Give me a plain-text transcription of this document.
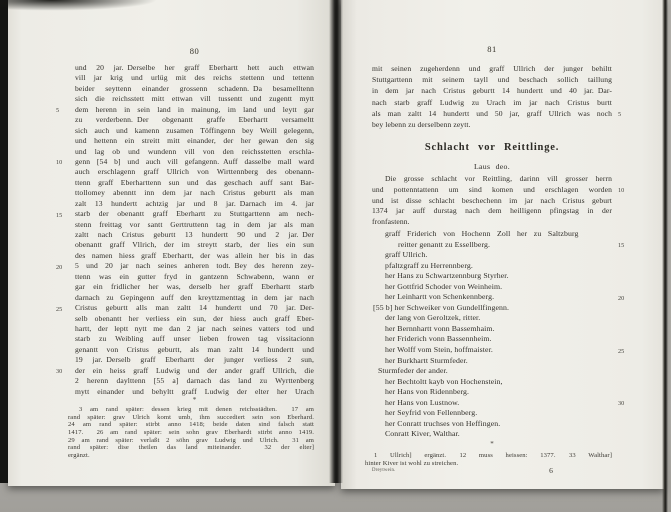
80
und 20 jar. Derselbe her graff Eberhartt hett auch ettwan
vill jar krig und urlüg mit des reichs stettenn und tettenn
beider seyttenn einander grossenn schadenn. Da besamelltenn
sich die reichsstett mitt ettwan vill tussentt und zugentt mytt
dem herenn in sein land in mainung, im land und leytt gar
5
zu verderbenn. Der obgenantt graffe Eberhartt versameltt
sich auch und kamenn zusamen Töffingenn bey Weill gelegenn,
und hettenn ein streitt mitt einander, der her gewan den sig
und lag ob und wundenn vill von den reichsstetten erschla-
genn [54 b] und auch vill gefangenn. Auff dasselbe mall ward
10
auch erschlagenn graff Ullrich von Wirttennberg des obenann-
ttenn graff Eberharttenn sun und das geschach auff sant Bar-
ttollomey abenntt inn dem jar nach Cristus geburtt als man
zalt 13 hundertt achtzig jar und 8 jar. Darnach im 4. jar
starb der obenantt graff Eberhartt zu Stuttgarttenn am nech-
15
stenn freittag vor santt Gerttruttenn tag in dem jar als man
zaltt nach Cristus geburtt 13 hundertt 90 und 2 jar. Der
obenantt graff Vllrich, der im streytt starb, der lies ein sun
des namen hiess graff Eberhartt, der was allein her bis in das
5 und 20 jar nach seines anheren todt. Bey des herenn zey-
20
ttenn was ein gutter fryd in gantzenn Schwabenn, wann er
gar ein fridlicher her was, derselb her graff Eberhartt starb
darnach zu Gepingenn auff den kreyttzmenttag in dem jar nach
Cristus geburtt alls man zaltt 14 hundertt und 70 jar. Der-
25
selb obenantt her verliess ein sun, der hiess auch graff Eber-
hartt, der leptt nytt me dan 2 jar nach seines vatters tod und
starb zu Weibling auff unser lieben frowen tag vissitacionn
genantt von Cristus geburtt, als man zaltt 14 hundertt und
19 jar. Derselb graff Eberhartt der junger verliess 2 sun,
der ein heiss graff Ludwig und der ander graff Ullrich, die
30
2 herenn daylttenn [55 a] darnach das land zu Wyrttenberg
mytt einander und behyltt graff Ludwig der elter her Urach
*
3 am rand später: dessen krieg mit denen reichsstädten.  17 am
rand später: grav Ulrich komt umb, ihm succediert sein son Eberhard.
24 am rand später: stirbt anno 1418; beide daten sind falsch statt
1417.  26 am rand später: sein sohn grav Eberhardt stirbt anno 1419.
29 am rand später: verlaßt 2 söhn grav Ludwig und Ulrich.  31 am
rand später: dise theilen das land miteinander.   32 der elter]
ergänzt.
81
mit seinen zugeherdenn und graff Ullrich der junger behiltt
Stuttgarttenn mit seinem tayll und beschach sollich taillung
in dem jar nach Cristus geburtt 14 hundertt und 40 jar. Dar-
nach starb graff Ludwig zu Urach im jar nach Cristus burtt
als man zaltt 14 hundertt und 50 jar, graff Ullrich was noch 5
bey lebenn zu derselbenn zeytt.
Schlacht vor Reittlinge.
Laus deo.
Die grosse schlacht vor Reittling, darinn vill grosser herrn
und pottenntattenn um sind komen und erschlagen worden 10
und ist disse schlacht beschechenn im jar nach Cristus geburt
1374 jar auff durstag nach dem heilligenn pfingstag in der
fronfastenn.
graff Friderich von Hochenn Zoll her zu Saltzburg
reitter genantt zu Essellberg.	15
graff Ullrich.
pfaltzgraff zu Herrennberg.
her Hans zu Schwartzennburg Styrher.
her Gottfrid Schoder von Weinheim.
her Leinhartt von Schenkennberg.	20
[55 b] her Schweiker von Gundellfingenn.
der lang von Geroltzek, ritter.
her Bernnhartt vonn Bassemhaim.
her Friderich vonn Bassennheim.
her Wolff vom Stein, hoffmaister.	25
her Burkhartt Sturmfeder.
Sturmfeder der ander.
her Bechtoltt kayb von Hochenstein,
her Hans von Ridennberg.
her Hans von Lustnow.	30
her Seyfrid von Fellennberg.
her Conratt truchses von Heffingen.
Conratt Kiver, Walthar.
*
1 Ullrich] ergänzt.  12 muss heissen: 1377.  33 Walthar]
hinter Kiver ist wohl zu streichen.
Dreytwein.	6
